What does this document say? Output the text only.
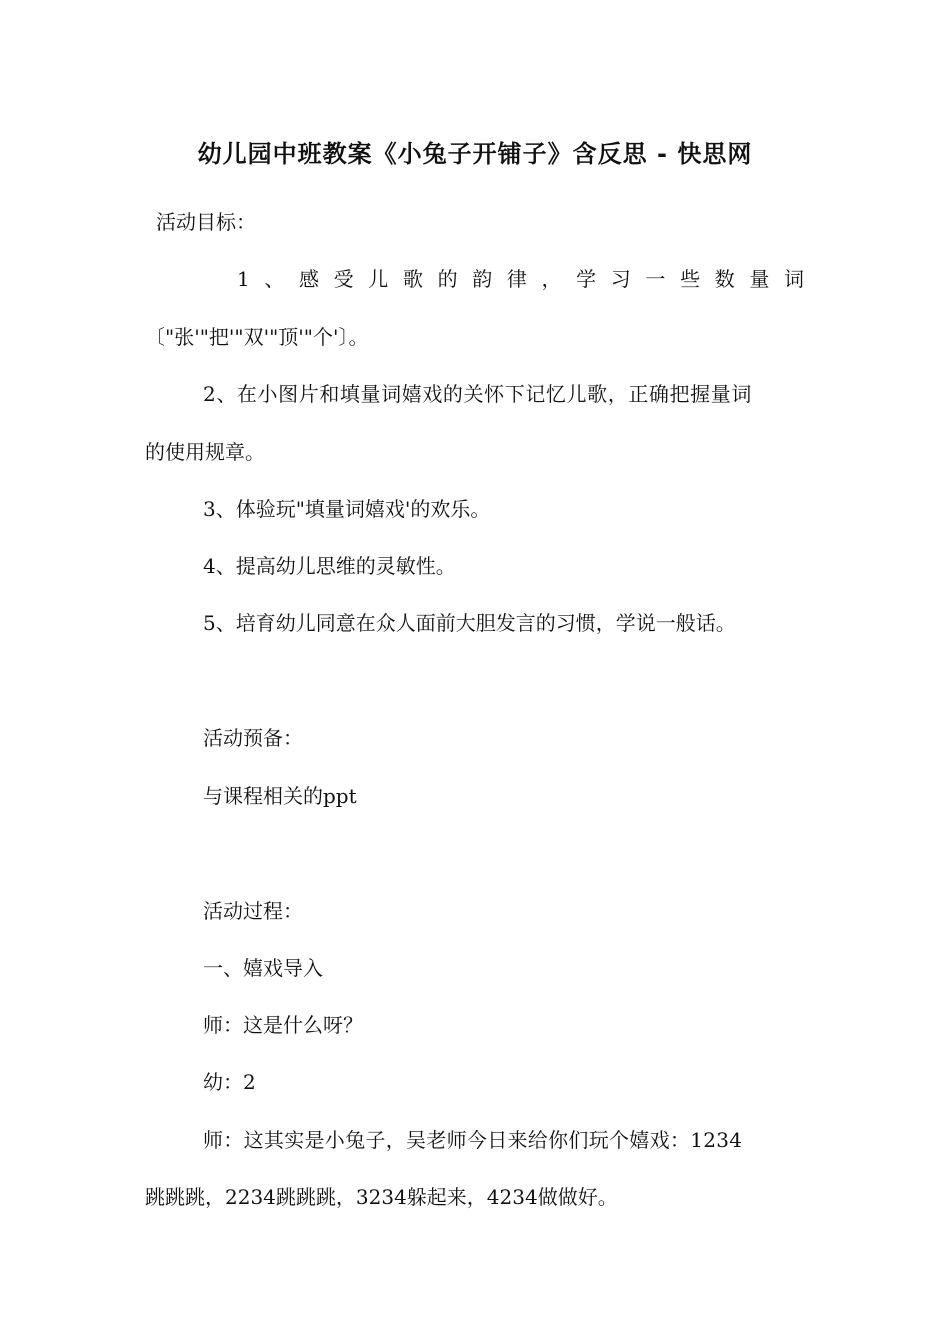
幼儿园中班教案《小兔子开铺子》含反思 - 快思网
活动目标：
1 、 感 受 儿 歌 的 韵 律 ， 学 习 一 些 数 量 词
〔"张'"把'"双'"顶'"个'〕。
2、在小图片和填量词嬉戏的关怀下记忆儿歌，正确把握量词
的使用规章。
3、体验玩"填量词嬉戏'的欢乐。
4、提高幼儿思维的灵敏性。
5、培育幼儿同意在众人面前大胆发言的习惯，学说一般话。
活动预备：
与课程相关的ppt
活动过程：
一、嬉戏导入
师：这是什么呀？
幼：2
师：这其实是小兔子，吴老师今日来给你们玩个嬉戏：1234
跳跳跳，2234跳跳跳，3234躲起来，4234做做好。
